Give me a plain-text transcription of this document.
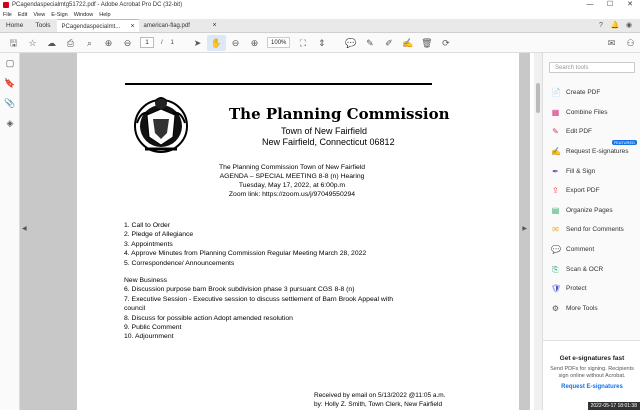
PCagendaspecialmtg51722.pdf - Adobe Acrobat Pro DC (32-bit)	—	☐	✕
File Edit View E-Sign Window Help
Home	Tools	PCagendaspecialmt... ×	american-flag.pdf	×	?	🔔 ◉
🖫	☆	☁	⎙	⌕	⊕	⊖	1	/ 1	➤	✋	⊖	⊕	100%	⛶	⇕	💬	✎	✐	✍ 🗑	⟳	✉	⚇
▢
🔖
📎
◈
◀	▶
The Planning Commission
Town of New Fairfield
New Fairfield, Connecticut 06812
The Planning Commission Town of New Fairfield
AGENDA – SPECIAL MEETING 8-8 (n) Hearing
Tuesday, May 17, 2022, at 6:00p.m
Zoom link: https://zoom.us/j/97049550294
1. Call to Order
2. Pledge of Allegiance
3. Appointments
4. Approve Minutes from Planning Commission Regular Meeting March 28, 2022
5. Correspondence/ Announcements
New Business
6. Discussion purpose barn Brook subdivision phase 3 pursuant CGS 8-8 (n)
7. Executive Session - Executive session to discuss settlement of Barn Brook Appeal with
council
8. Discuss for possible action Adopt amended resolution
9. Public Comment
10. Adjournment
Received by email on 5/13/2022 @11:05 a.m.
by: Holly Z. Smith, Town Clerk, New Fairfield
Search tools
📄 Create PDF
▦ Combine Files
✎ Edit PDF
✍ Request E-signatures
FEATURED
✒ Fill & Sign
⇪ Export PDF
▤ Organize Pages
✉ Send for Comments
💬 Comment
⎘ Scan & OCR
🛡 Protect
⚙ More Tools
Get e-signatures fast
Send PDFs for signing. Recipients sign online without Acrobat.
Request E-signatures
2022-05-17 18:01:38
